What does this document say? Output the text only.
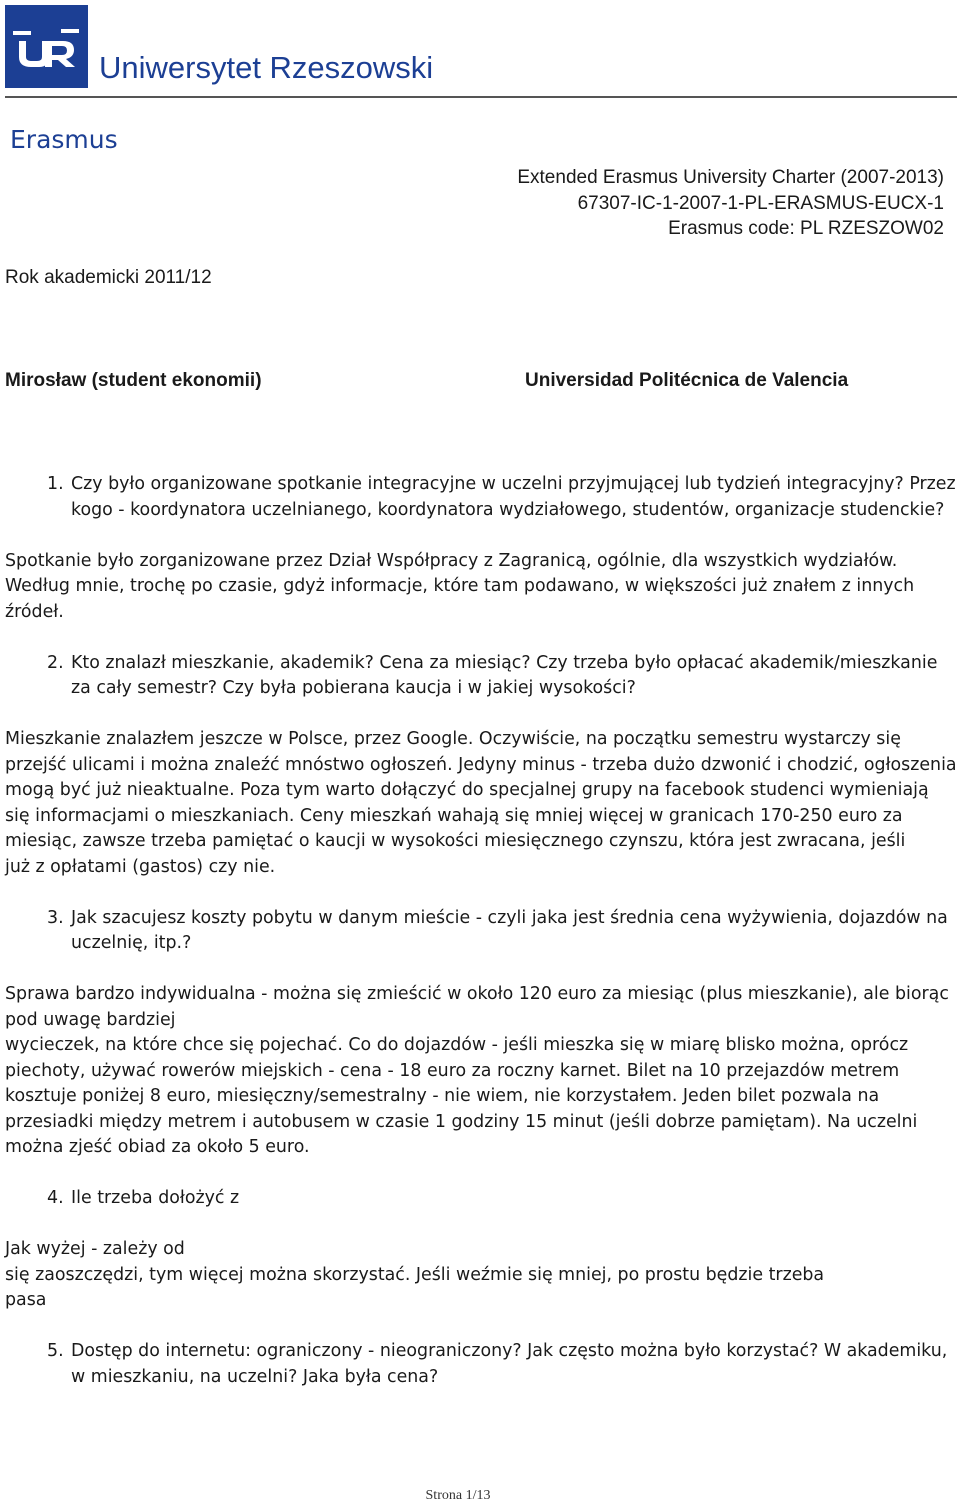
Uniwersytet Rzeszowski
Erasmus
Extended Erasmus University Charter (2007-2013)
67307-IC-1-2007-1-PL-ERASMUS-EUCX-1
Erasmus code: PL RZESZOW02
Rok akademicki 2011/12
Mirosław (student ekonomii)	Universidad Politécnica de Valencia

1. Czy było organizowane spotkanie integracyjne w uczelni przyjmującej lub tydzień integracyjny? Przez kogo - koordynatora uczelnianego, koordynatora wydziałowego, studentów, organizacje studenckie?

Spotkanie było zorganizowane przez Dział Współpracy z Zagranicą, ogólnie, dla wszystkich wydziałów. Według mnie, trochę po czasie, gdyż informacje, które tam podawano, w większości już znałem z innych źródeł.

2. Kto znalazł mieszkanie, akademik? Cena za miesiąc? Czy trzeba było opłacać akademik/mieszkanie za cały semestr? Czy była pobierana kaucja i w jakiej wysokości?

Mieszkanie znalazłem jeszcze w Polsce, przez Google. Oczywiście, na początku semestru wystarczy się przejść ulicami i można znaleźć mnóstwo ogłoszeń. Jedyny minus - trzeba dużo dzwonić i chodzić, ogłoszenia mogą być już nieaktualne. Poza tym warto dołączyć do specjalnej grupy na facebook studenci wymieniają się informacjami o mieszkaniach. Ceny mieszkań wahają się mniej więcej w granicach 170-250 euro za miesiąc, zawsze trzeba pamiętać o kaucji w wysokości miesięcznego czynszu, która jest zwracana, jeśli
już z opłatami (gastos) czy nie.

3. Jak szacujesz koszty pobytu w danym mieście - czyli jaka jest średnia cena wyżywienia, dojazdów na uczelnię, itp.?

Sprawa bardzo indywidualna - można się zmieścić w około 120 euro za miesiąc (plus mieszkanie), ale biorąc pod uwagę bardziej
wycieczek, na które chce się pojechać. Co do dojazdów - jeśli mieszka się w miarę blisko można, oprócz piechoty, używać rowerów miejskich - cena - 18 euro za roczny karnet. Bilet na 10 przejazdów metrem kosztuje poniżej 8 euro, miesięczny/semestralny - nie wiem, nie korzystałem. Jeden bilet pozwala na przesiadki między metrem i autobusem w czasie 1 godziny 15 minut (jeśli dobrze pamiętam). Na uczelni można zjeść obiad za około 5 euro.

4. Ile trzeba dołożyć z

Jak wyżej - zależy od
się zaoszczędzi, tym więcej można skorzystać. Jeśli weźmie się mniej, po prostu będzie trzeba
pasa

5. Dostęp do internetu: ograniczony - nieograniczony? Jak często można było korzystać? W akademiku, w mieszkaniu, na uczelni? Jaka była cena?

Strona 1/13
